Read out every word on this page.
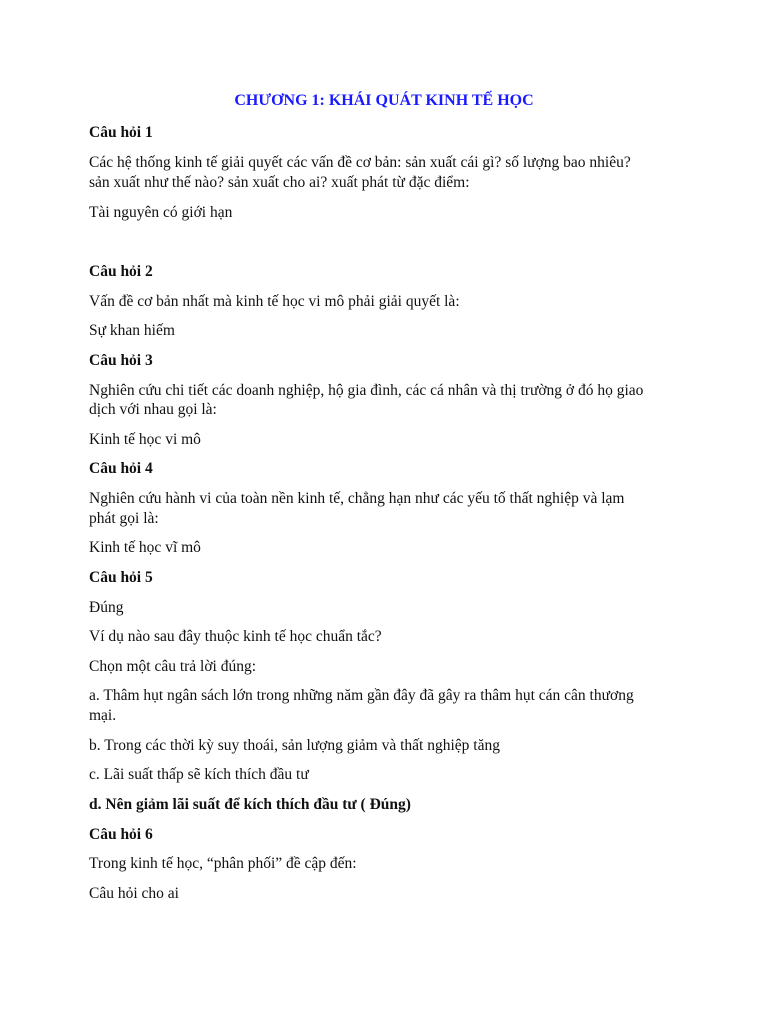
CHƯƠNG 1: KHÁI QUÁT KINH TẾ HỌC
Câu hỏi 1
Các hệ thống kinh tế giải quyết các vấn đề cơ bản: sản xuất cái gì? số lượng bao nhiêu?
sản xuất như thế nào? sản xuất cho ai? xuất phát từ đặc điểm:
Tài nguyên có giới hạn
Câu hỏi 2
Vấn đề cơ bản nhất mà kinh tế học vi mô phải giải quyết là:
Sự khan hiếm
Câu hỏi 3
Nghiên cứu chi tiết các doanh nghiệp, hộ gia đình, các cá nhân và thị trường ở đó họ giao
dịch với nhau gọi là:
Kinh tế học vi mô
Câu hỏi 4
Nghiên cứu hành vi của toàn nền kinh tế, chẳng hạn như các yếu tố thất nghiệp và lạm
phát gọi là:
Kinh tế học vĩ mô
Câu hỏi 5
Đúng
Ví dụ nào sau đây thuộc kinh tế học chuẩn tắc?
Chọn một câu trả lời đúng:
a. Thâm hụt ngân sách lớn trong những năm gần đây đã gây ra thâm hụt cán cân thương
mại.
b. Trong các thời kỳ suy thoái, sản lượng giảm và thất nghiệp tăng
c. Lãi suất thấp sẽ kích thích đầu tư
d. Nên giảm lãi suất để kích thích đầu tư ( Đúng)
Câu hỏi 6
Trong kinh tế học, “phân phối” đề cập đến:
Câu hỏi cho ai
